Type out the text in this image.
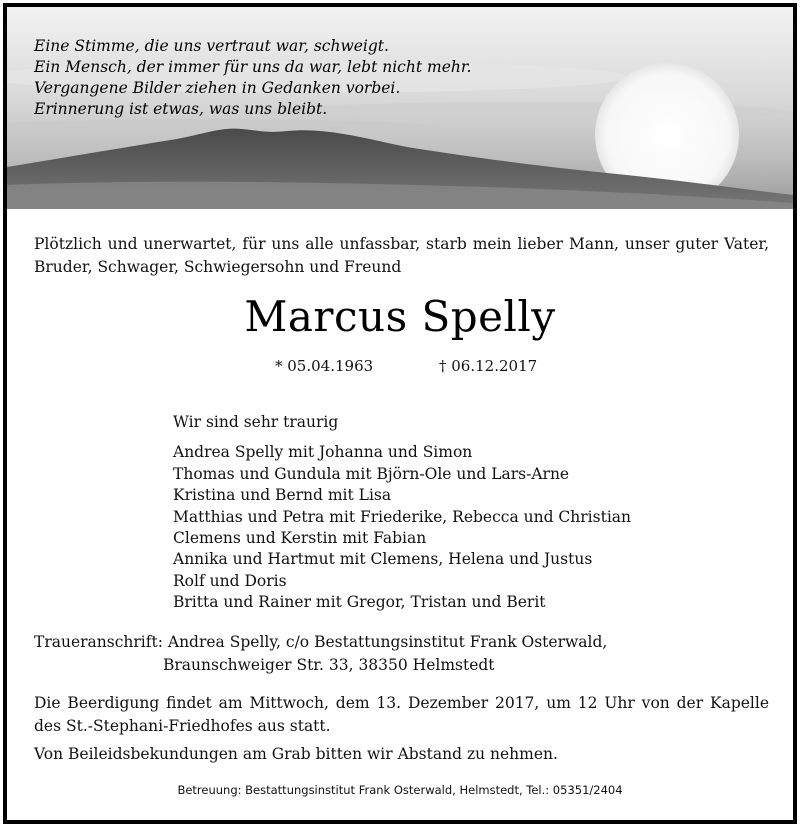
Eine Stimme, die uns vertraut war, schweigt.
Ein Mensch, der immer für uns da war, lebt nicht mehr.
Vergangene Bilder ziehen in Gedanken vorbei.
Erinnerung ist etwas, was uns bleibt.
Plötzlich und unerwartet, für uns alle unfassbar, starb mein lieber Mann, unser guter Vater, Bruder, Schwager, Schwiegersohn und Freund
Marcus Spelly
* 05.04.1963	† 06.12.2017
Wir sind sehr traurig
Andrea Spelly mit Johanna und Simon
Thomas und Gundula mit Björn-Ole und Lars-Arne
Kristina und Bernd mit Lisa
Matthias und Petra mit Friederike, Rebecca und Christian
Clemens und Kerstin mit Fabian
Annika und Hartmut mit Clemens, Helena und Justus
Rolf und Doris
Britta und Rainer mit Gregor, Tristan und Berit
Traueranschrift: Andrea Spelly, c/o Bestattungsinstitut Frank Osterwald,
Braunschweiger Str. 33, 38350 Helmstedt
Die Beerdigung findet am Mittwoch, dem 13. Dezember 2017, um 12 Uhr von der Kapelle des St.-Stephani-Friedhofes aus statt.
Von Beileidsbekundungen am Grab bitten wir Abstand zu nehmen.
Betreuung: Bestattungsinstitut Frank Osterwald, Helmstedt, Tel.: 05351/2404
